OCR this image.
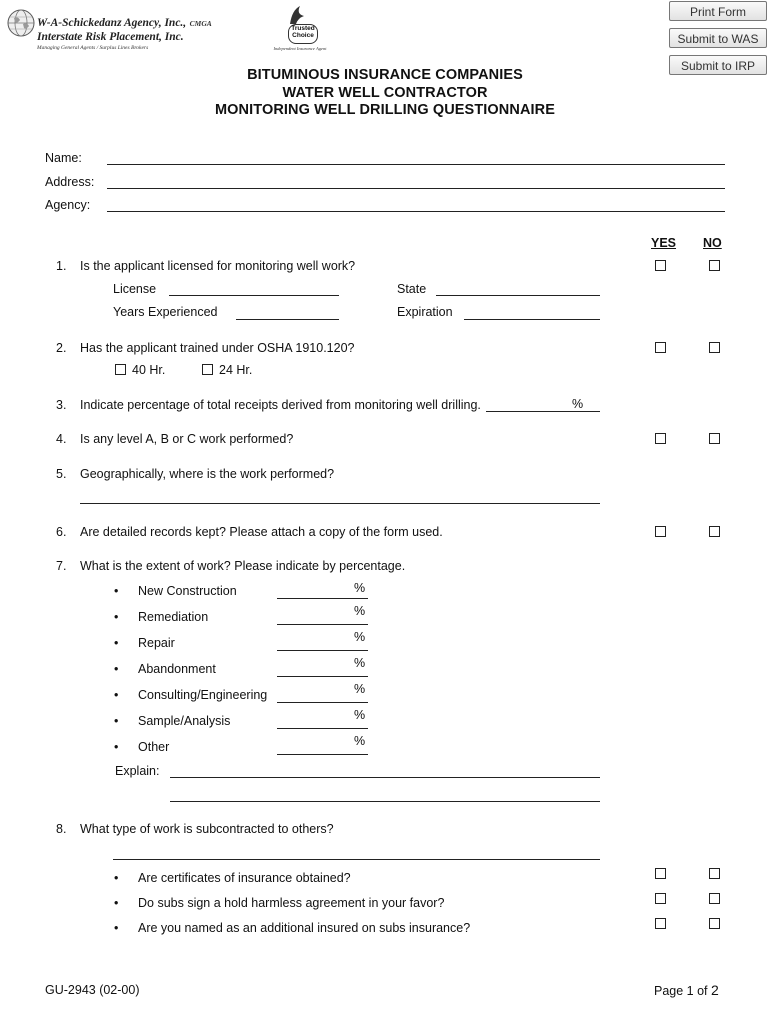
W-A-Schickedanz Agency, Inc., CMGA
Interstate Risk Placement, Inc.
Managing General Agents / Surplus Lines Brokers
Trusted
Choice
Independent Insurance Agent
Print Form
Submit to WAS
Submit to IRP
BITUMINOUS INSURANCE COMPANIES
WATER WELL CONTRACTOR
MONITORING WELL DRILLING QUESTIONNAIRE
Name:
Address:
Agency:
YES NO
1. Is the applicant licensed for monitoring well work?
License	State
Years Experienced	Expiration
2. Has the applicant trained under OSHA 1910.120?
40 Hr.	24 Hr.
3. Indicate percentage of total receipts derived from monitoring well drilling.	%
4. Is any level A, B or C work performed?
5. Geographically, where is the work performed?
6. Are detailed records kept? Please attach a copy of the form used.
7. What is the extent of work? Please indicate by percentage.
• New Construction	%
• Remediation	%
• Repair	%
• Abandonment	%
• Consulting/Engineering	%
• Sample/Analysis	%
• Other	%
Explain:
8. What type of work is subcontracted to others?
• Are certificates of insurance obtained?
• Do subs sign a hold harmless agreement in your favor?
• Are you named as an additional insured on subs insurance?
GU-2943 (02-00)	Page 1 of 2
